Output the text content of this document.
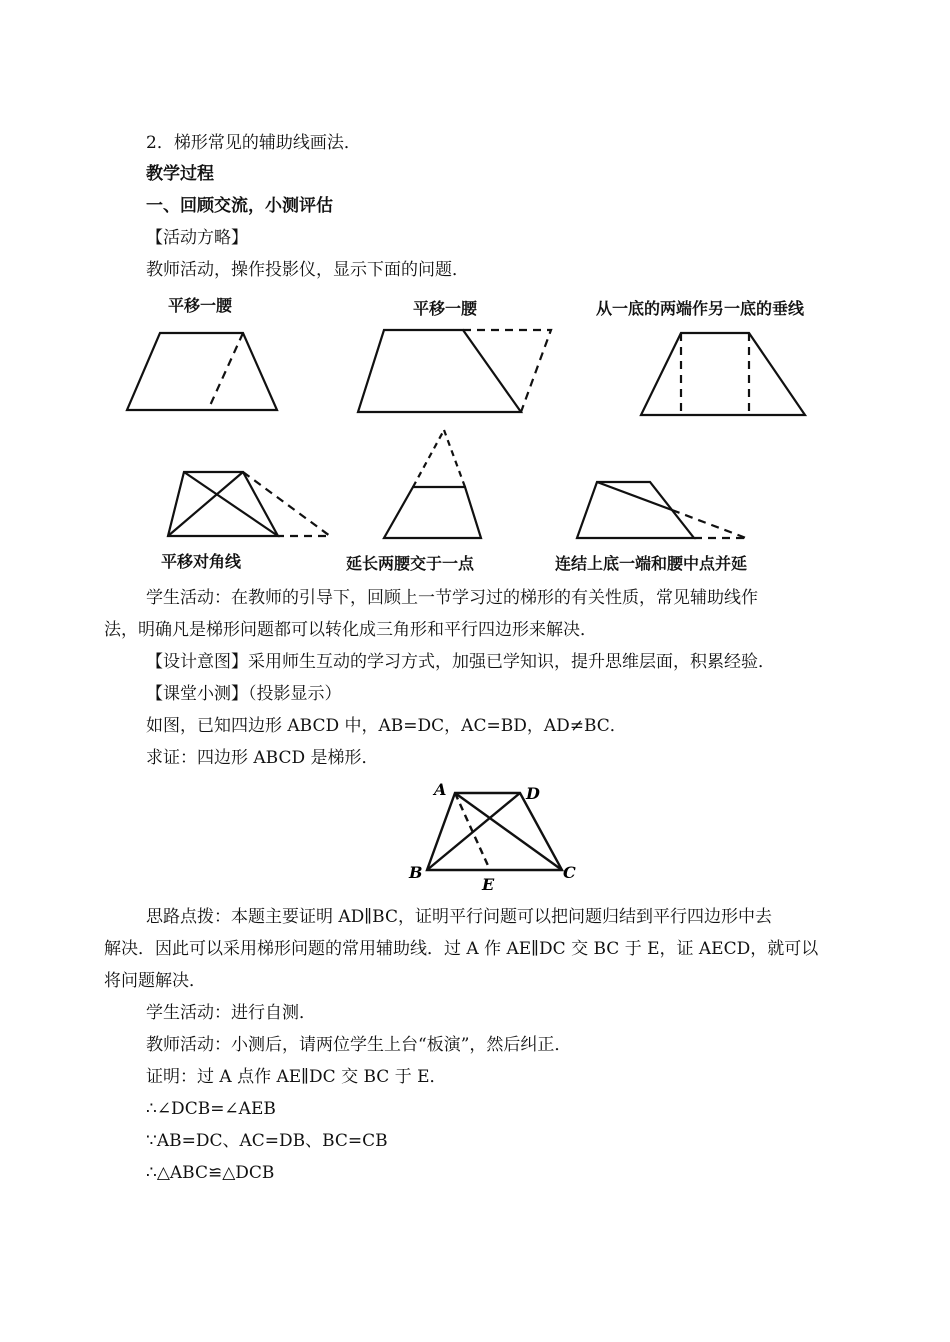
2．梯形常见的辅助线画法．
教学过程
一、回顾交流，小测评估
【活动方略】
教师活动，操作投影仪，显示下面的问题．
平移一腰	平移一腰	从一底的两端作另一底的垂线
平移对角线	延长两腰交于一点	连结上底一端和腰中点并延
学生活动：在教师的引导下，回顾上一节学习过的梯形的有关性质，常见辅助线作
法，明确凡是梯形问题都可以转化成三角形和平行四边形来解决．
【设计意图】采用师生互动的学习方式，加强已学知识，提升思维层面，积累经验．
【课堂小测】（投影显示）
如图，已知四边形 ABCD 中，AB=DC，AC=BD，AD≠BC．
求证：四边形 ABCD 是梯形．
A	D
B	C
E
思路点拨：本题主要证明 AD∥BC，证明平行问题可以把问题归结到平行四边形中去
解决．因此可以采用梯形问题的常用辅助线．过 A 作 AE∥DC 交 BC 于 E，证 AECD，就可以
将问题解决．
学生活动：进行自测．
教师活动：小测后，请两位学生上台“板演”，然后纠正．
证明：过 A 点作 AE∥DC 交 BC 于 E．
∴∠DCB=∠AEB
∵AB=DC、AC=DB、BC=CB
∴△ABC≌△DCB
